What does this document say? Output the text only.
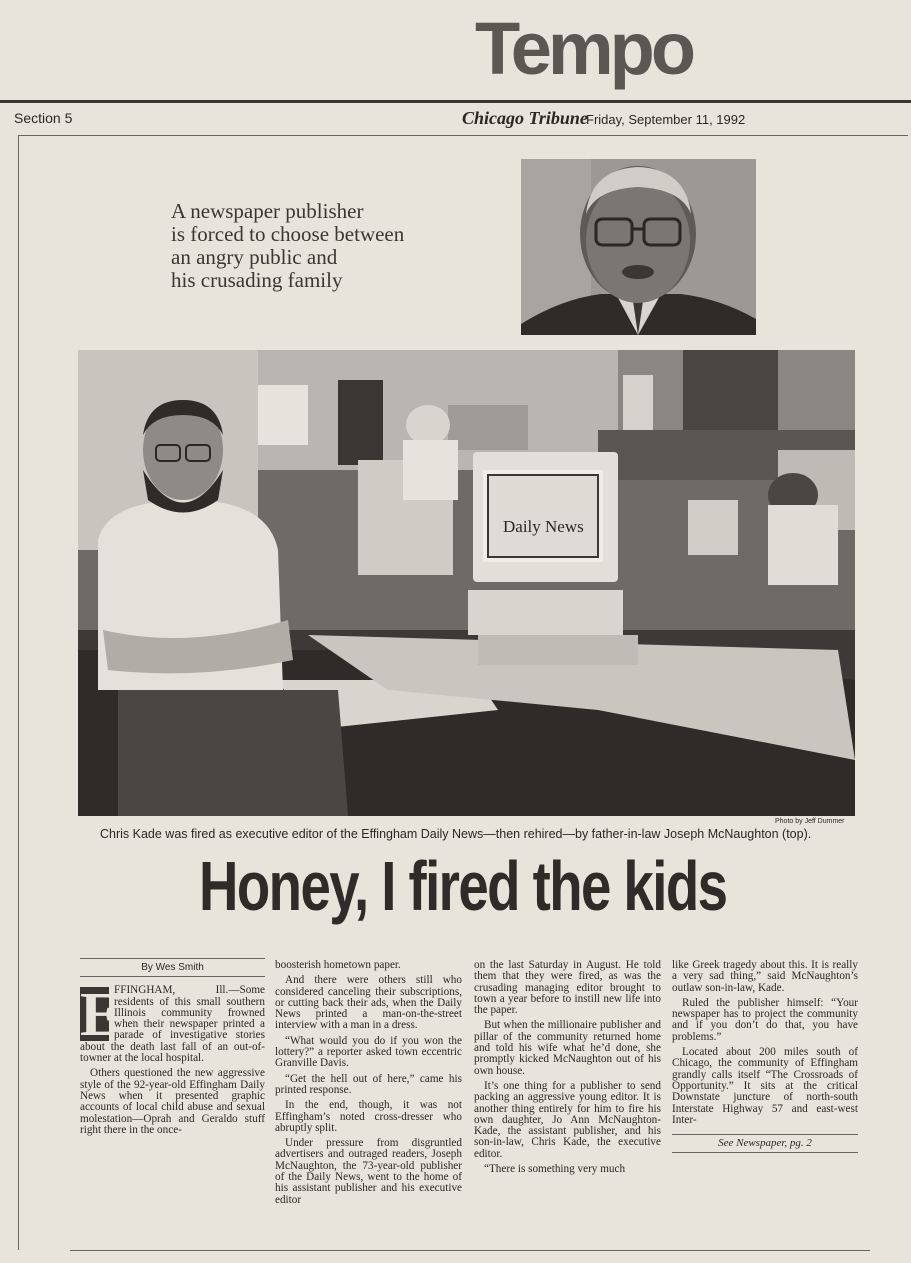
Tempo
Section 5	Chicago Tribune
Friday, September 11, 1992
A newspaper publisher
is forced to choose between
an angry public and
his crusading family
Daily News
Photo by Jeff Dummer
Chris Kade was fired as executive editor of the Effingham Daily News—then rehired—by father-in-law Joseph McNaughton (top).
Honey, I fired the kids
By Wes Smith
E

FFINGHAM, Ill.—Some residents of this small southern Illinois community frowned when their newspaper printed a parade of investigative stories about the death last fall of an out-of-towner at the local hospital.

Others questioned the new aggressive style of the 92-year-old Effingham Daily News when it presented graphic accounts of local child abuse and sexual molestation—Oprah and Geraldo stuff right there in the once-

boosterish hometown paper.

And there were others still who considered canceling their subscriptions, or cutting back their ads, when the Daily News printed a man-on-the-street interview with a man in a dress.

“What would you do if you won the lottery?” a reporter asked town eccentric Granville Davis.

“Get the hell out of here,” came his printed response.

In the end, though, it was not Effingham’s noted cross-dresser who abruptly split.

Under pressure from disgruntled advertisers and outraged readers, Joseph McNaughton, the 73-year-old publisher of the Daily News, went to the home of his assistant publisher and his executive editor

on the last Saturday in August. He told them that they were fired, as was the crusading managing editor brought to town a year before to instill new life into the paper.

But when the millionaire publisher and pillar of the community returned home and told his wife what he’d done, she promptly kicked McNaughton out of his own house.

It’s one thing for a publisher to send packing an aggressive young editor. It is another thing entirely for him to fire his own daughter, Jo Ann McNaughton-Kade, the assistant publisher, and his son-in-law, Chris Kade, the executive editor.

“There is something very much

like Greek tragedy about this. It is really a very sad thing,” said McNaughton’s outlaw son-in-law, Kade.

Ruled the publisher himself: “Your newspaper has to project the community and if you don’t do that, you have problems.”

Located about 200 miles south of Chicago, the community of Effingham grandly calls itself “The Crossroads of Opportunity.” It sits at the critical Downstate juncture of north-south Interstate Highway 57 and east-west Inter-

See Newspaper, pg. 2
